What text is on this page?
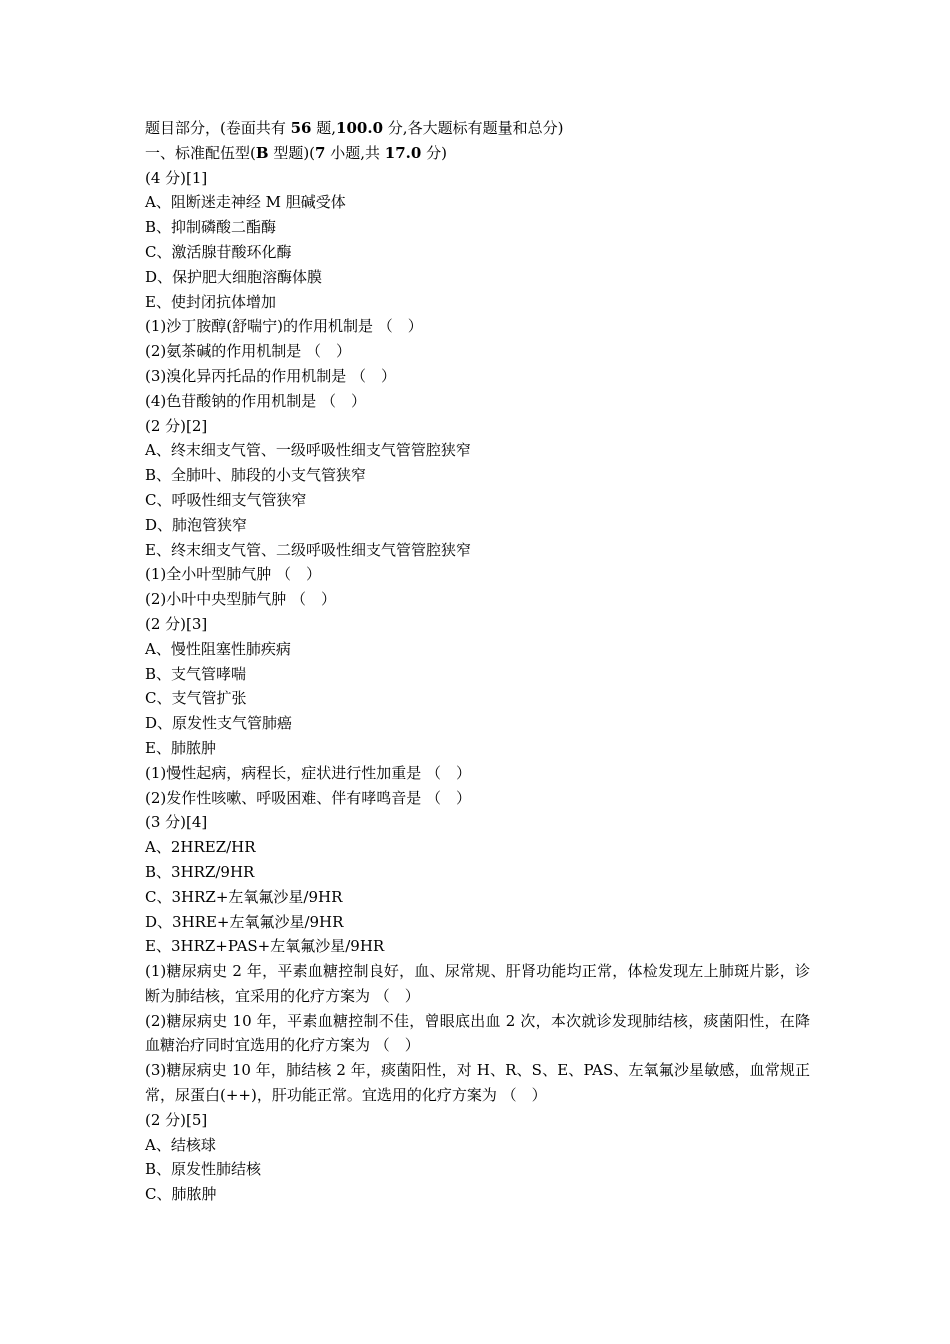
题目部分，(卷面共有 56 题,100.0 分,各大题标有题量和总分)
一、标准配伍型(B 型题)(7 小题,共 17.0 分)
(4 分)[1]
A、阻断迷走神经 M 胆碱受体
B、抑制磷酸二酯酶
C、激活腺苷酸环化酶
D、保护肥大细胞溶酶体膜
E、使封闭抗体增加
(1)沙丁胺醇(舒喘宁)的作用机制是 （　）
(2)氨茶碱的作用机制是 （　）
(3)溴化异丙托品的作用机制是 （　）
(4)色苷酸钠的作用机制是 （　）
(2 分)[2]
A、终末细支气管、一级呼吸性细支气管管腔狭窄
B、全肺叶、肺段的小支气管狭窄
C、呼吸性细支气管狭窄
D、肺泡管狭窄
E、终末细支气管、二级呼吸性细支气管管腔狭窄
(1)全小叶型肺气肿 （　）
(2)小叶中央型肺气肿 （　）
(2 分)[3]
A、慢性阻塞性肺疾病
B、支气管哮喘
C、支气管扩张
D、原发性支气管肺癌
E、肺脓肿
(1)慢性起病，病程长，症状进行性加重是 （　）
(2)发作性咳嗽、呼吸困难、伴有哮鸣音是 （　）
(3 分)[4]
A、2HREZ/HR
B、3HRZ/9HR
C、3HRZ+左氧氟沙星/9HR
D、3HRE+左氧氟沙星/9HR
E、3HRZ+PAS+左氧氟沙星/9HR
(1)糖尿病史 2 年，平素血糖控制良好，血、尿常规、肝肾功能均正常，体检发现左上肺斑片影，诊断为肺结核，宜采用的化疗方案为 （　）
(2)糖尿病史 10 年，平素血糖控制不佳，曾眼底出血 2 次，本次就诊发现肺结核，痰菌阳性，在降血糖治疗同时宜选用的化疗方案为 （　）
(3)糖尿病史 10 年，肺结核 2 年，痰菌阳性，对 H、R、S、E、PAS、左氧氟沙星敏感，血常规正常，尿蛋白(++)，肝功能正常。宜选用的化疗方案为 （　）
(2 分)[5]
A、结核球
B、原发性肺结核
C、肺脓肿
